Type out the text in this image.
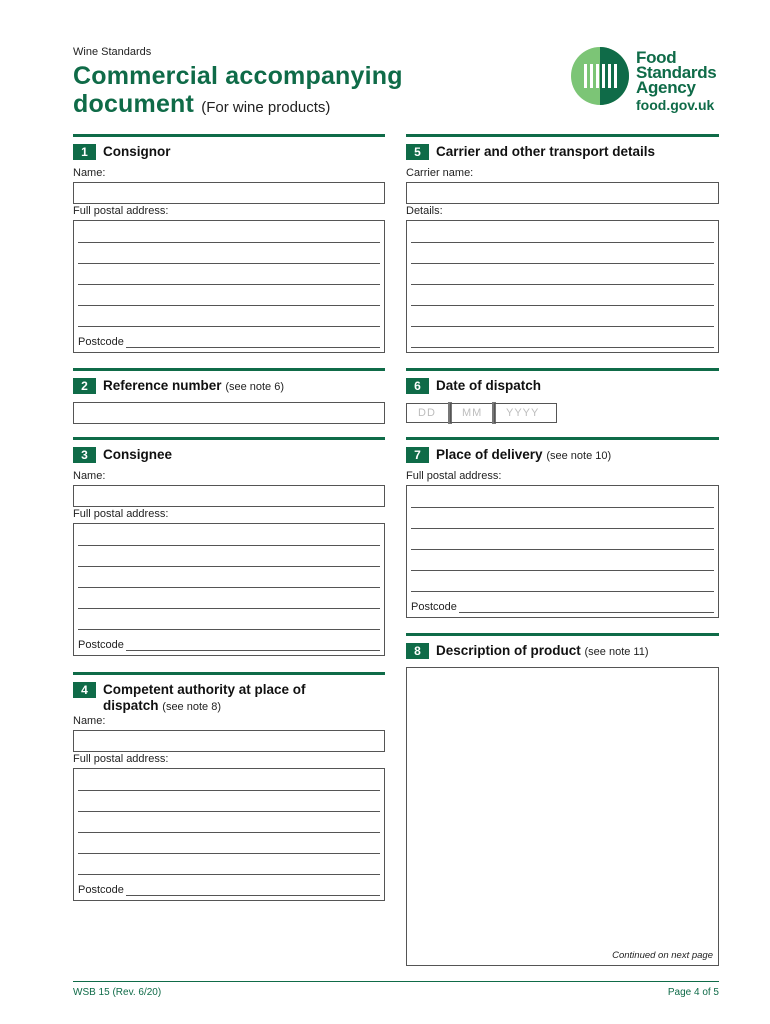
Wine Standards
Commercial accompanying
document (For wine products)
Food
Standards
Agency
food.gov.uk
1	Consignor
Name:
Full postal address:
Postcode
5	Carrier and other transport details
Carrier name:
Details:
2	Reference number (see note 6)	6	Date of dispatch
DD	MM	YYYY
3	Consignee
Name:
Full postal address:
Postcode
7	Place of delivery (see note 10)
Full postal address:
Postcode
8	Description of product (see note 11)
Continued on next page
4	Competent authority at place of
dispatch (see note 8)
Name:
Full postal address:
Postcode
WSB 15 (Rev. 6/20)	Page 4 of 5
